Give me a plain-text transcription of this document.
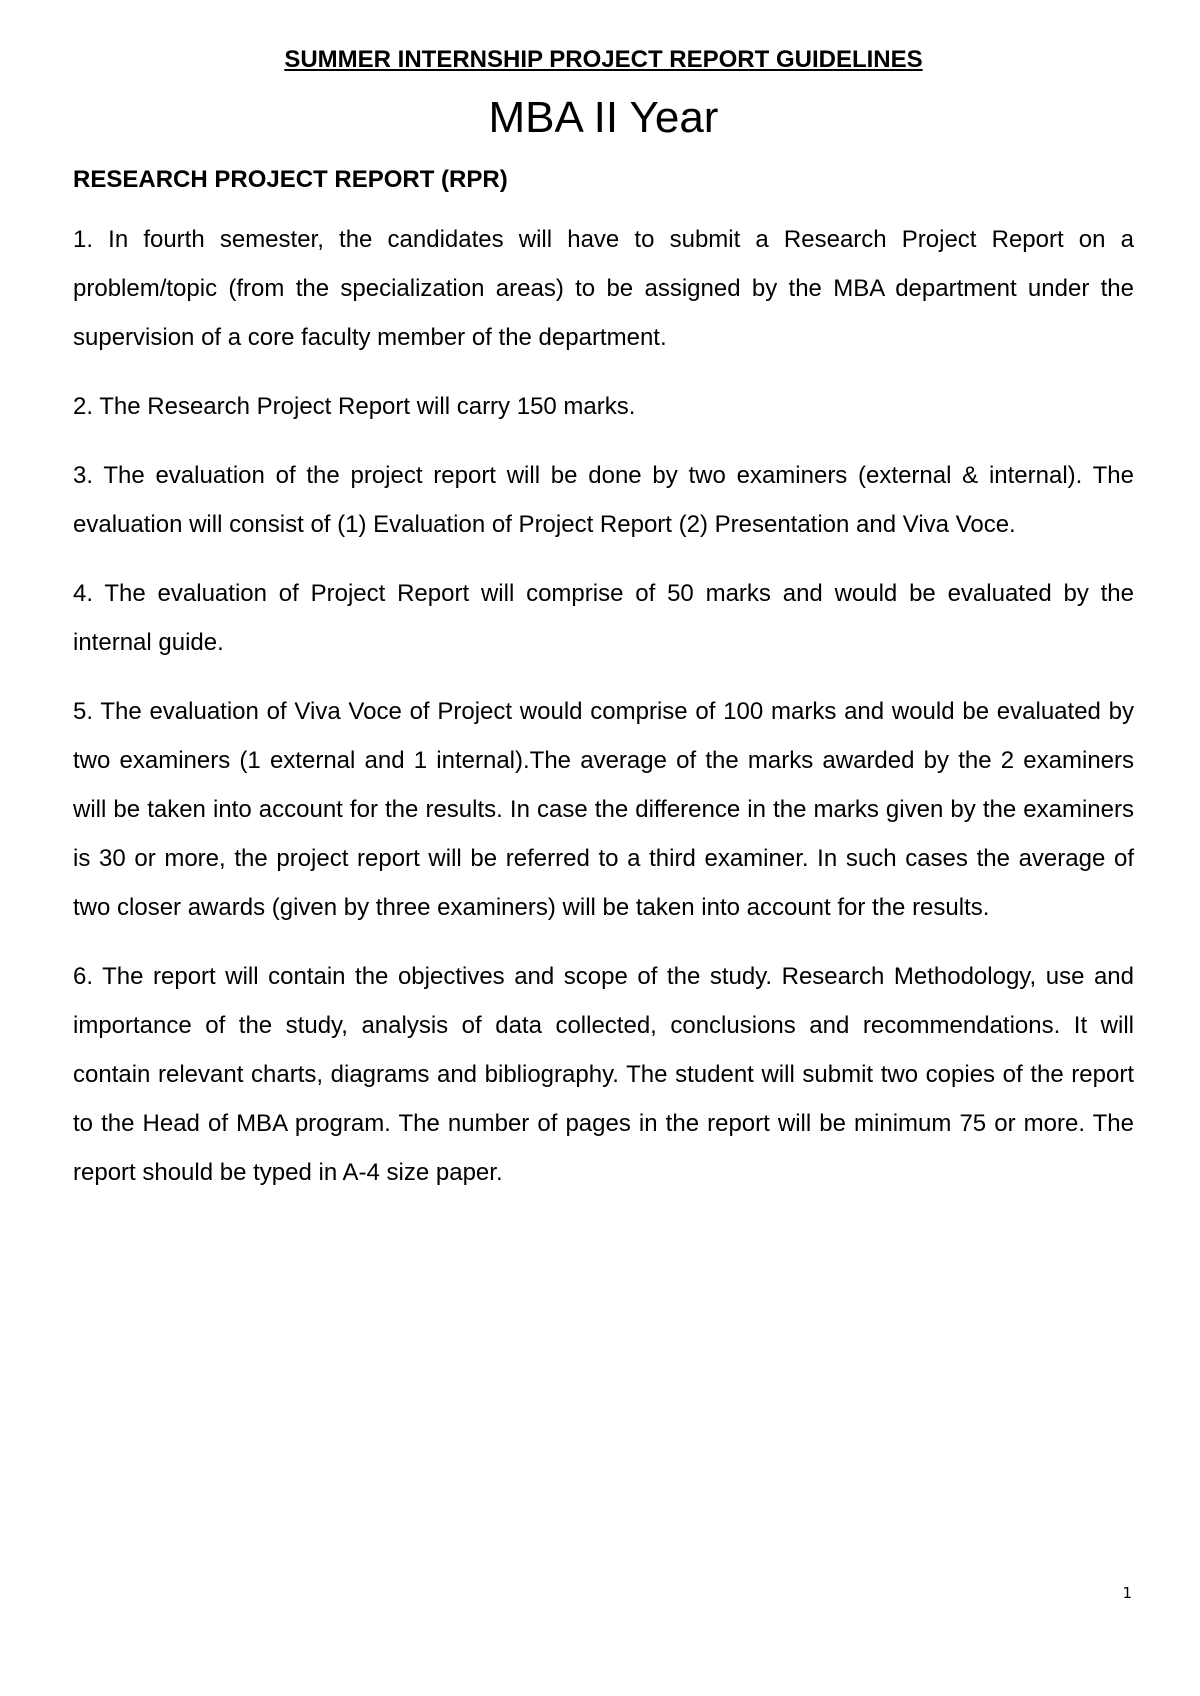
SUMMER INTERNSHIP PROJECT REPORT GUIDELINES
MBA II Year
RESEARCH PROJECT REPORT (RPR)

1. In fourth semester, the candidates will have to submit a Research Project Report on a problem/topic (from the specialization areas) to be assigned by the MBA department under the supervision of a core faculty member of the department.

2. The Research Project Report will carry 150 marks.

3. The evaluation of the project report will be done by two examiners (external & internal). The evaluation will consist of (1) Evaluation of Project Report (2) Presentation and Viva Voce.

4. The evaluation of Project Report will comprise of 50 marks and would be evaluated by the internal guide.

5. The evaluation of Viva Voce of Project would comprise of 100 marks and would be evaluated by two examiners (1 external and 1 internal).The average of the marks awarded by the 2 examiners will be taken into account for the results. In case the difference in the marks given by the examiners is 30 or more, the project report will be referred to a third examiner. In such cases the average of two closer awards (given by three examiners) will be taken into account for the results.

6. The report will contain the objectives and scope of the study. Research Methodology, use and importance of the study, analysis of data collected, conclusions and recommendations. It will contain relevant charts, diagrams and bibliography. The student will submit two copies of the report to the Head of MBA program. The number of pages in the report will be minimum 75 or more. The report should be typed in A-4 size paper.

1
